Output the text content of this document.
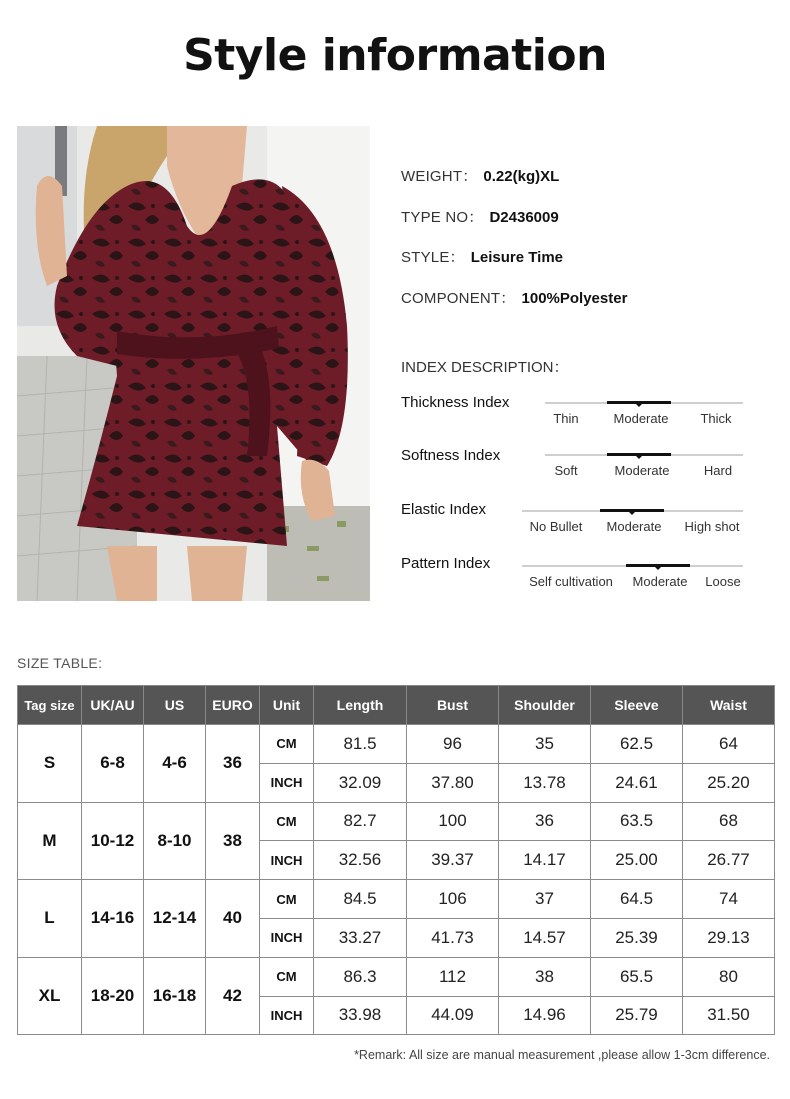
Style information
WEIGHT： 0.22(kg)XL
TYPE NO： D2436009
STYLE： Leisure Time
COMPONENT： 100%Polyester
INDEX DESCRIPTION：
Thickness Index
Thin	Moderate Thick
Softness Index
Soft	Moderate	Hard
Elastic Index
No Bullet Moderate High shot
Pattern Index
Self cultivation Moderate Loose
SIZE TABLE:
Tag size	UK/AU	US	EURO	Unit	Length	Bust	Shoulder	Sleeve	Waist
S	6-8	4-6	36	CM	81.5	96	35	62.5	64
				INCH	32.09	37.80	13.78	24.61	25.20
M	10-12	8-10	38	CM	82.7	100	36	63.5	68
				INCH	32.56	39.37	14.17	25.00	26.77
L	14-16	12-14	40	CM	84.5	106	37	64.5	74
				INCH	33.27	41.73	14.57	25.39	29.13
XL	18-20	16-18	42	CM	86.3	112	38	65.5	80
				INCH	33.98	44.09	14.96	25.79	31.50
*Remark: All size are manual measurement ,please allow 1-3cm difference.
